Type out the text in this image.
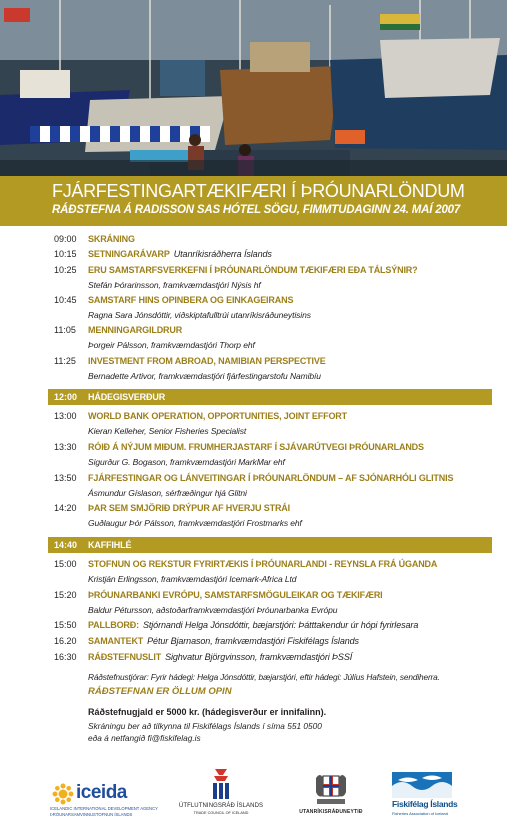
FJÁRFESTINGARTÆKIFÆRI Í ÞRÓUNARLÖNDUM
RÁÐSTEFNA Á RADISSON SAS HÓTEL SÖGU, FIMMTUDAGINN 24. MAÍ 2007
09:00 SKRÁNING
10:15 SETNINGARÁVARP Utanríkisráðherra Íslands
10:25 ERU SAMSTARFSVERKEFNI Í ÞRÓUNARLÖNDUM TÆKIFÆRI EÐA TÁLSÝNIR?
Stefán Þórarinsson, framkvæmdastjóri Nýsis hf
10:45 SAMSTARF HINS OPINBERA OG EINKAGEIRANS
Ragna Sara Jónsdóttir, viðskiptafulltrúi utanríkisráðuneytisins
11:05 MENNINGARGILDRUR
Þorgeir Pálsson, framkvæmdastjóri Thorp ehf
11:25 INVESTMENT FROM ABROAD, NAMIBIAN PERSPECTIVE
Bernadette Artivor, framkvæmdastjóri fjárfestingarstofu Namibíu
12:00 HÁDEGISVERÐUR
13:00 WORLD BANK OPERATION, OPPORTUNITIES, JOINT EFFORT
Kieran Kelleher, Senior Fisheries Specialist
13:30 RÓIÐ Á NÝJUM MIÐUM. FRUMHERJASTARF Í SJÁVARÚTVEGI ÞRÓUNARLANDS
Sigurður G. Bogason, framkvæmdastjóri MarkMar ehf
13:50 FJÁRFESTINGAR OG LÁNVEITINGAR Í ÞRÓUNARLÖNDUM – AF SJÓNARHÓLI GLITNIS
Ásmundur Gíslason, sérfræðingur hjá Glitni
14:20 ÞAR SEM SMJÖRIÐ DRÝPUR AF HVERJU STRÁI
Guðlaugur Þór Pálsson, framkvæmdastjóri Frostmarks ehf
14:40 KAFFIHLÉ
15:00 STOFNUN OG REKSTUR FYRIRTÆKIS Í ÞRÓUNARLANDI - REYNSLA FRÁ ÚGANDA
Kristján Erlingsson, framkvæmdastjóri Icemark-Africa Ltd
15:20 ÞRÓUNARBANKI EVRÓPU, SAMSTARFSMÖGULEIKAR OG TÆKIFÆRI
Baldur Pétursson, aðstoðarframkvæmdastjóri Þróunarbanka Evrópu
15:50 PALLBORÐ: Stjórnandi Helga Jónsdóttir, bæjarstjóri: Þátttakendur úr hópi fyrirlesara
16.20 SAMANTEKT Pétur Bjarnason, framkvæmdastjóri Fiskifélags Íslands
16:30 RÁÐSTEFNUSLIT Sighvatur Björgvinsson, framkvæmdastjóri ÞSSÍ
Ráðstefnustjórar: Fyrir hádegi: Helga Jónsdóttir, bæjarstjóri, eftir hádegi: Júlíus Hafstein, sendiherra.
RÁÐSTEFNAN ER ÖLLUM OPIN
Ráðstefnugjald er 5000 kr. (hádegisverður er innifalinn).
Skráningu ber að tilkynna til Fiskifélags Íslands í síma 551 0500
eða á netfangið fi@fiskifelag.is
iceida
ICELANDIC INTERNATIONAL DEVELOPMENT AGENCY
ÞRÓUNARSAMVINNUSTOFNUN ÍSLANDS
ÚTFLUTNINGSRÁÐ ÍSLANDS
TRADE COUNCIL OF ICELAND	UTANRÍKISRÁÐUNEYTIÐ
Fiskifélag Íslands
Fisheries Association of Iceland
